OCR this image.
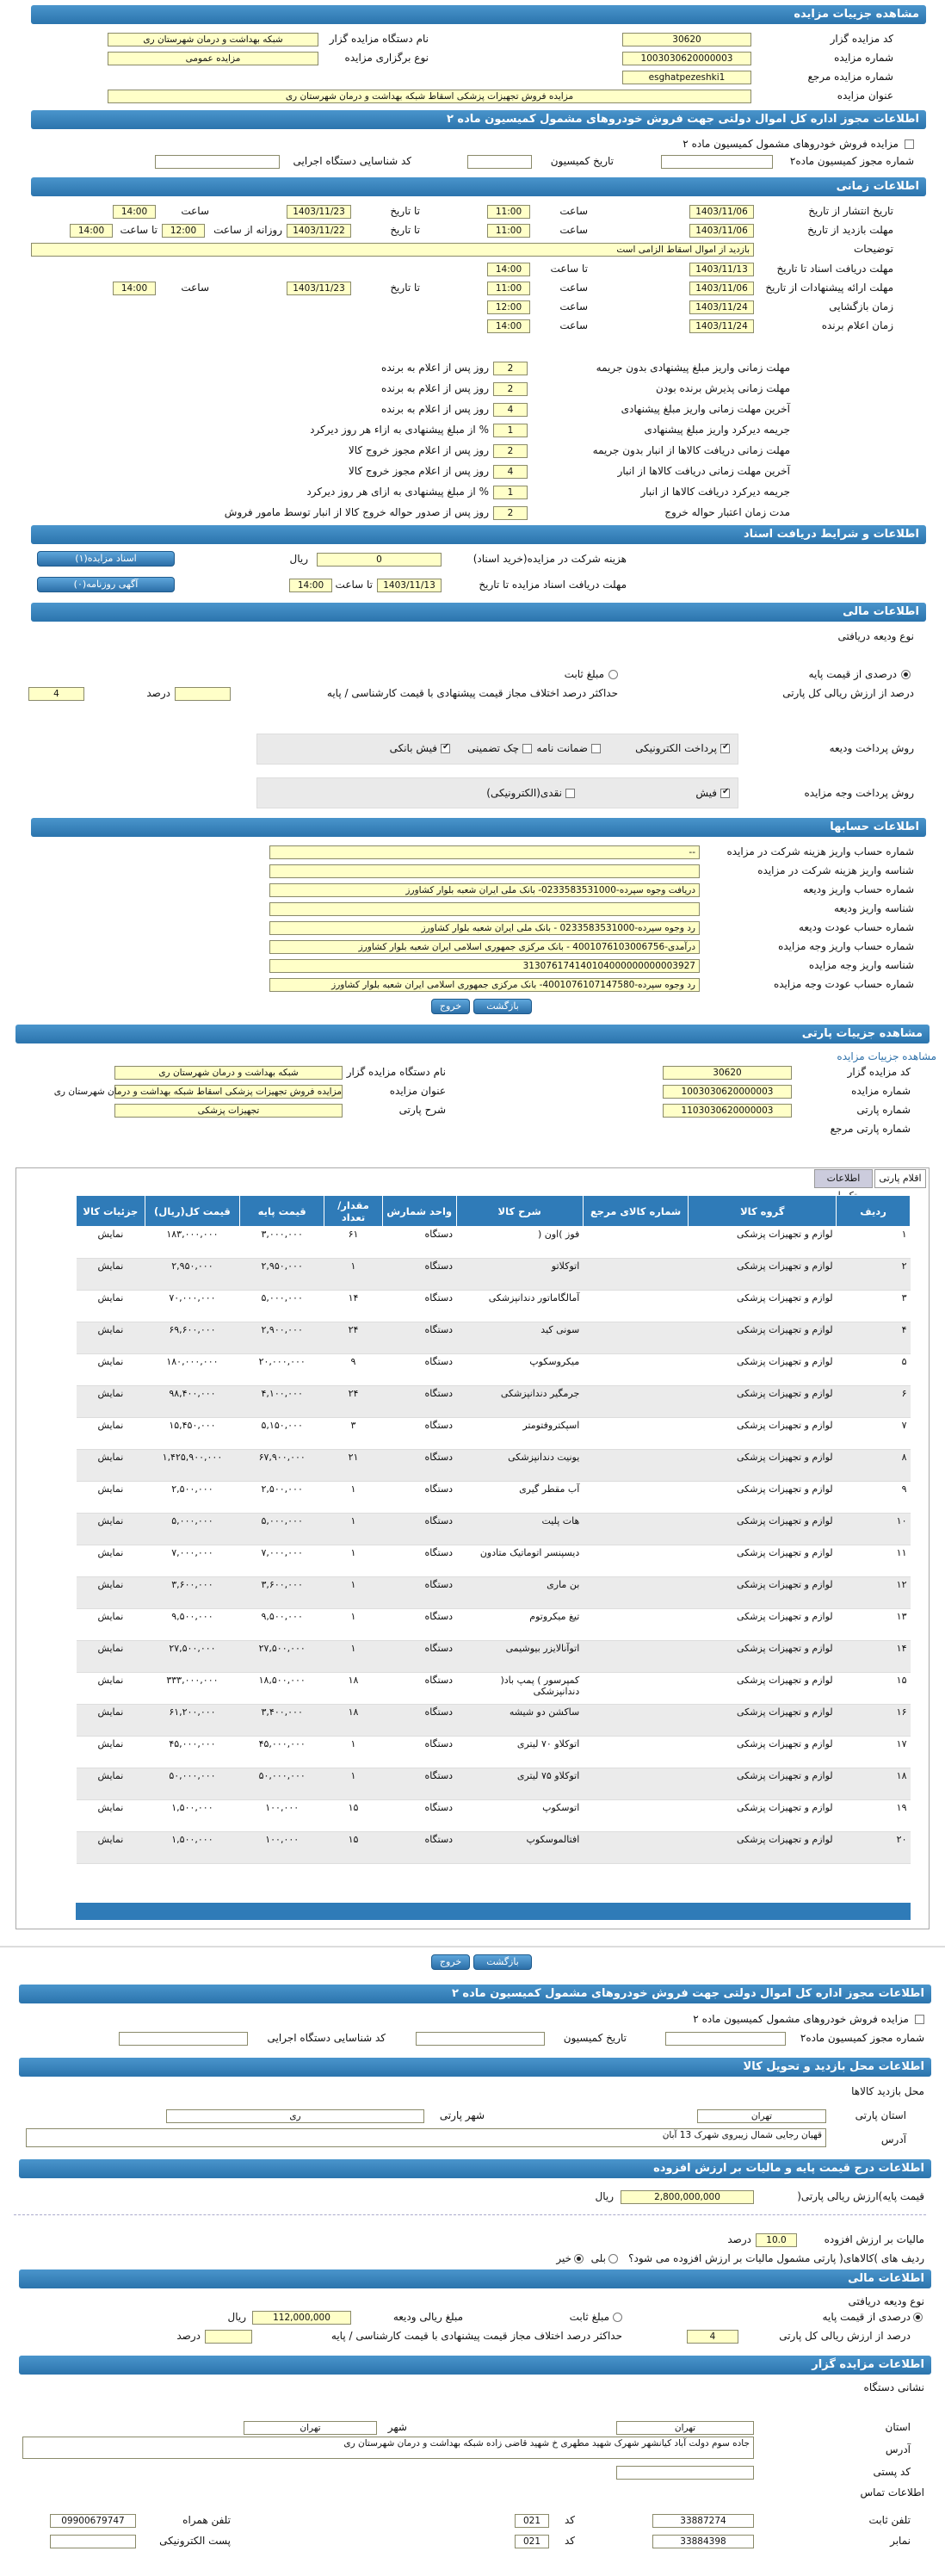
مشاهده جزییات مزایده
کد مزایده گزار
30620
نام دستگاه مزایده گزار
شبکه بهداشت و درمان شهرستان ری
شماره مزایده
1003030620000003
نوع برگزاری مزایده
مزایده عمومی
شماره مزایده مرجع
esghatpezeshki1
عنوان مزایده
مزایده فروش تجهیزات پزشکی اسقاط شبکه بهداشت و درمان شهرستان ری
اطلاعات مجوز اداره کل اموال دولتی جهت فروش خودروهای مشمول کمیسیون ماده ۲
مزایده فروش خودروهای مشمول کمیسیون ماده ۲
شماره مجوز کمیسیون ماده۲
تاریخ کمیسیون
کد شناسایی دستگاه اجرایی
اطلاعات زمانی
تاریخ انتشار از تاریخ
1403/11/06
ساعت
11:00
تا تاریخ
1403/11/23
ساعت
14:00
مهلت بازدید از تاریخ
1403/11/06
ساعت
11:00
تا تاریخ
1403/11/22
روزانه از ساعت
12:00
تا ساعت
14:00
توضیحات
بازدید از اموال اسقاط الزامی است
مهلت دریافت اسناد تا تاریخ
1403/11/13
تا ساعت
14:00
مهلت ارائه پیشنهادات از تاریخ
1403/11/06
ساعت
11:00
تا تاریخ
1403/11/23
ساعت
14:00
زمان بازگشایی
1403/11/24
ساعت
12:00
زمان اعلام برنده
1403/11/24
ساعت
14:00
مهلت زمانی واریز مبلغ پیشنهادی بدون جریمه
2
روز پس از اعلام به برنده
مهلت زمانی پذیرش برنده بودن
2
روز پس از اعلام به برنده
آخرین مهلت زمانی واریز مبلغ پیشنهادی
4
روز پس از اعلام به برنده
جریمه دیرکرد واریز مبلغ پیشنهادی
1
% از مبلغ پیشنهادی به ازاء هر روز دیرکرد
مهلت زمانی دریافت کالاها از انبار بدون جریمه
2
روز پس از اعلام مجوز خروج کالا
آخرین مهلت زمانی دریافت کالاها از انبار
4
روز پس از اعلام مجوز خروج کالا
جریمه دیرکرد دریافت کالاها از انبار
1
% از مبلغ پیشنهادی به ازای هر روز دیرکرد
مدت زمان اعتبار حواله خروج
2
روز پس از صدور حواله خروج کالا از انبار توسط مامور فروش
اطلاعات و شرایط دریافت اسناد
هزینه شرکت در مزایده(خرید اسناد)
0
ریال
اسناد مزایده(۱)
مهلت دریافت اسناد مزایده تا تاریخ
1403/11/13
تا ساعت
14:00
آگهی روزنامه(۰)
اطلاعات مالی
نوع ودیعه دریافتی
درصدی از قیمت پایه
مبلغ ثابت
درصد از ارزش ریالی کل پارتی
4	حداکثر درصد اختلاف مجاز قیمت پیشنهادی با قیمت کارشناسی / پایه
درصد
روش پرداخت ودیعه
✔
پرداخت الکترونیکی
ضمانت نامه
چک تضمینی
✔
فیش بانکی
روش پرداخت وجه مزایده
✔
فیش
نقدی(الکترونیکی)
اطلاعات حسابها
شماره حساب واریز هزینه شرکت در مزایده
--
شناسه واریز هزینه شرکت در مزایده
شماره حساب واریز ودیعه
دریافت وجوه سپرده-0233583531000- بانک ملی ایران شعبه بلوار کشاورز
شناسه واریز ودیعه
شماره حساب عودت ودیعه
رد وجوه سپرده-0233583531000 - بانک ملی ایران شعبه بلوار کشاورز
شماره حساب واریز وجه مزایده
درآمدی-4001076103006756 - بانک مرکزی جمهوری اسلامی ایران شعبه بلوار کشاورز
شناسه واریز وجه مزایده
313076174140104000000000003927
شماره حساب عودت وجه مزایده
رد وجوه سپرده-4001076107147580- بانک مرکزی جمهوری اسلامی ایران شعبه بلوار کشاورز
بازگشت
خروج
مشاهده جزییات پارتی
مشاهده جزییات مزایده
کد مزایده گزار
30620
نام دستگاه مزایده گزار
شبکه بهداشت و درمان شهرستان ری
شماره مزایده
1003030620000003
عنوان مزایده
مزایده فروش تجهیزات پزشکی اسقاط شبکه بهداشت و درمان شهرستان ری
شماره پارتی
1103030620000003
شرح پارتی
تجهیزات پزشکی
شماره پارتی مرجع
اقلام پارتی
اطلاعات
ردیف	گروه کالا	شماره کالای مرجع	شرح کالا	واحد شمارش	مقدار/ تعداد	قیمت پایه	قیمت کل(ریال)	جزئیات کالا
۱	لوازم و تجهیزات پزشکی		فوز )اون (	دستگاه	۶۱	۳,۰۰۰,۰۰۰	۱۸۳,۰۰۰,۰۰۰	نمایش
۲	لوازم و تجهیزات پزشکی		اتوکلاتو	دستگاه	۱	۲,۹۵۰,۰۰۰	۲,۹۵۰,۰۰۰	نمایش
۳	لوازم و تجهیزات پزشکی		آمالگاماتور دندانپزشکی	دستگاه	۱۴	۵,۰۰۰,۰۰۰	۷۰,۰۰۰,۰۰۰	نمایش
۴	لوازم و تجهیزات پزشکی		سونی کید	دستگاه	۲۴	۲,۹۰۰,۰۰۰	۶۹,۶۰۰,۰۰۰	نمایش
۵	لوازم و تجهیزات پزشکی		میکروسکوپ	دستگاه	۹	۲۰,۰۰۰,۰۰۰	۱۸۰,۰۰۰,۰۰۰	نمایش
۶	لوازم و تجهیزات پزشکی		جرمگیر دندانپزشکی	دستگاه	۲۴	۴,۱۰۰,۰۰۰	۹۸,۴۰۰,۰۰۰	نمایش
۷	لوازم و تجهیزات پزشکی		اسپکتروفتومتر	دستگاه	۳	۵,۱۵۰,۰۰۰	۱۵,۴۵۰,۰۰۰	نمایش
۸	لوازم و تجهیزات پزشکی		یونیت دندانپزشکی	دستگاه	۲۱	۶۷,۹۰۰,۰۰۰	۱,۴۲۵,۹۰۰,۰۰۰	نمایش
۹	لوازم و تجهیزات پزشکی		آب مقطر گیری	دستگاه	۱	۲,۵۰۰,۰۰۰	۲,۵۰۰,۰۰۰	نمایش
۱۰	لوازم و تجهیزات پزشکی		هات پلیت	دستگاه	۱	۵,۰۰۰,۰۰۰	۵,۰۰۰,۰۰۰	نمایش
۱۱	لوازم و تجهیزات پزشکی		دیسپنسر اتوماتیک متادون	دستگاه	۱	۷,۰۰۰,۰۰۰	۷,۰۰۰,۰۰۰	نمایش
۱۲	لوازم و تجهیزات پزشکی		بن ماری	دستگاه	۱	۳,۶۰۰,۰۰۰	۳,۶۰۰,۰۰۰	نمایش
۱۳	لوازم و تجهیزات پزشکی		تیغ میکروتوم	دستگاه	۱	۹,۵۰۰,۰۰۰	۹,۵۰۰,۰۰۰	نمایش
۱۴	لوازم و تجهیزات پزشکی		اتوآنالایزر بیوشیمی	دستگاه	۱	۲۷,۵۰۰,۰۰۰	۲۷,۵۰۰,۰۰۰	نمایش
۱۵	لوازم و تجهیزات پزشکی		کمپرسور ) پمپ باد( دندانپزشکی	دستگاه	۱۸	۱۸,۵۰۰,۰۰۰	۳۳۳,۰۰۰,۰۰۰	نمایش
۱۶	لوازم و تجهیزات پزشکی		ساکشن دو شیشه	دستگاه	۱۸	۳,۴۰۰,۰۰۰	۶۱,۲۰۰,۰۰۰	نمایش
۱۷	لوازم و تجهیزات پزشکی		اتوکلاو ۷۰ لیتری	دستگاه	۱	۴۵,۰۰۰,۰۰۰	۴۵,۰۰۰,۰۰۰	نمایش
۱۸	لوازم و تجهیزات پزشکی		اتوکلاو ۷۵ لیتری	دستگاه	۱	۵۰,۰۰۰,۰۰۰	۵۰,۰۰۰,۰۰۰	نمایش
۱۹	لوازم و تجهیزات پزشکی		اتوسکوپ	دستگاه	۱۵	۱۰۰,۰۰۰	۱,۵۰۰,۰۰۰	نمایش
۲۰	لوازم و تجهیزات پزشکی		افتالموسکوپ	دستگاه	۱۵	۱۰۰,۰۰۰	۱,۵۰۰,۰۰۰	نمایش
بازگشت
خروج
اطلاعات مجوز اداره کل اموال دولتی جهت فروش خودروهای مشمول کمیسیون ماده ۲
مزایده فروش خودروهای مشمول کمیسیون ماده ۲
شماره مجوز کمیسیون ماده۲
تاریخ کمیسیون
کد شناسایی دستگاه اجرایی
اطلاعات محل بازدید و تحویل کالا
محل بازدید کالاها
استان پارتی
تهران
شهر پارتی
ری
آدرس
قهیان رجایی شمال زیبروی شهرک 13 آبان
اطلاعات درج قیمت پایه و مالیات بر ارزش افزوده
قیمت پایه)ارزش ریالی پارتی(
2,800,000,000
ریال
مالیات بر ارزش افزوده
10.0
درصد
ردیف های )کالاهای( پارتی مشمول مالیات بر ارزش افزوده می شود؟
بلی
خیر
اطلاعات مالی
نوع ودیعه دریافتی
درصدی از قیمت پایه
مبلغ ثابت
مبلغ ریالی ودیعه
112,000,000
ریال
درصد از ارزش ریالی کل پارتی
4
حداکثر درصد اختلاف مجاز قیمت پیشنهادی با قیمت کارشناسی / پایه
درصد
اطلاعات مزایده گزار
نشانی دستگاه
استان
تهران
شهر
تهران
آدرس
جاده سوم دولت آباد کیانشهر شهرک شهید مطهری خ شهید قاضی زاده شبکه بهداشت و درمان شهرستان ری
کد پستی
اطلاعات تماس
تلفن ثابت
33887274
کد
021
تلفن همراه
09900679747
نمابر
33884398
کد
021
پست الکترونیکی
